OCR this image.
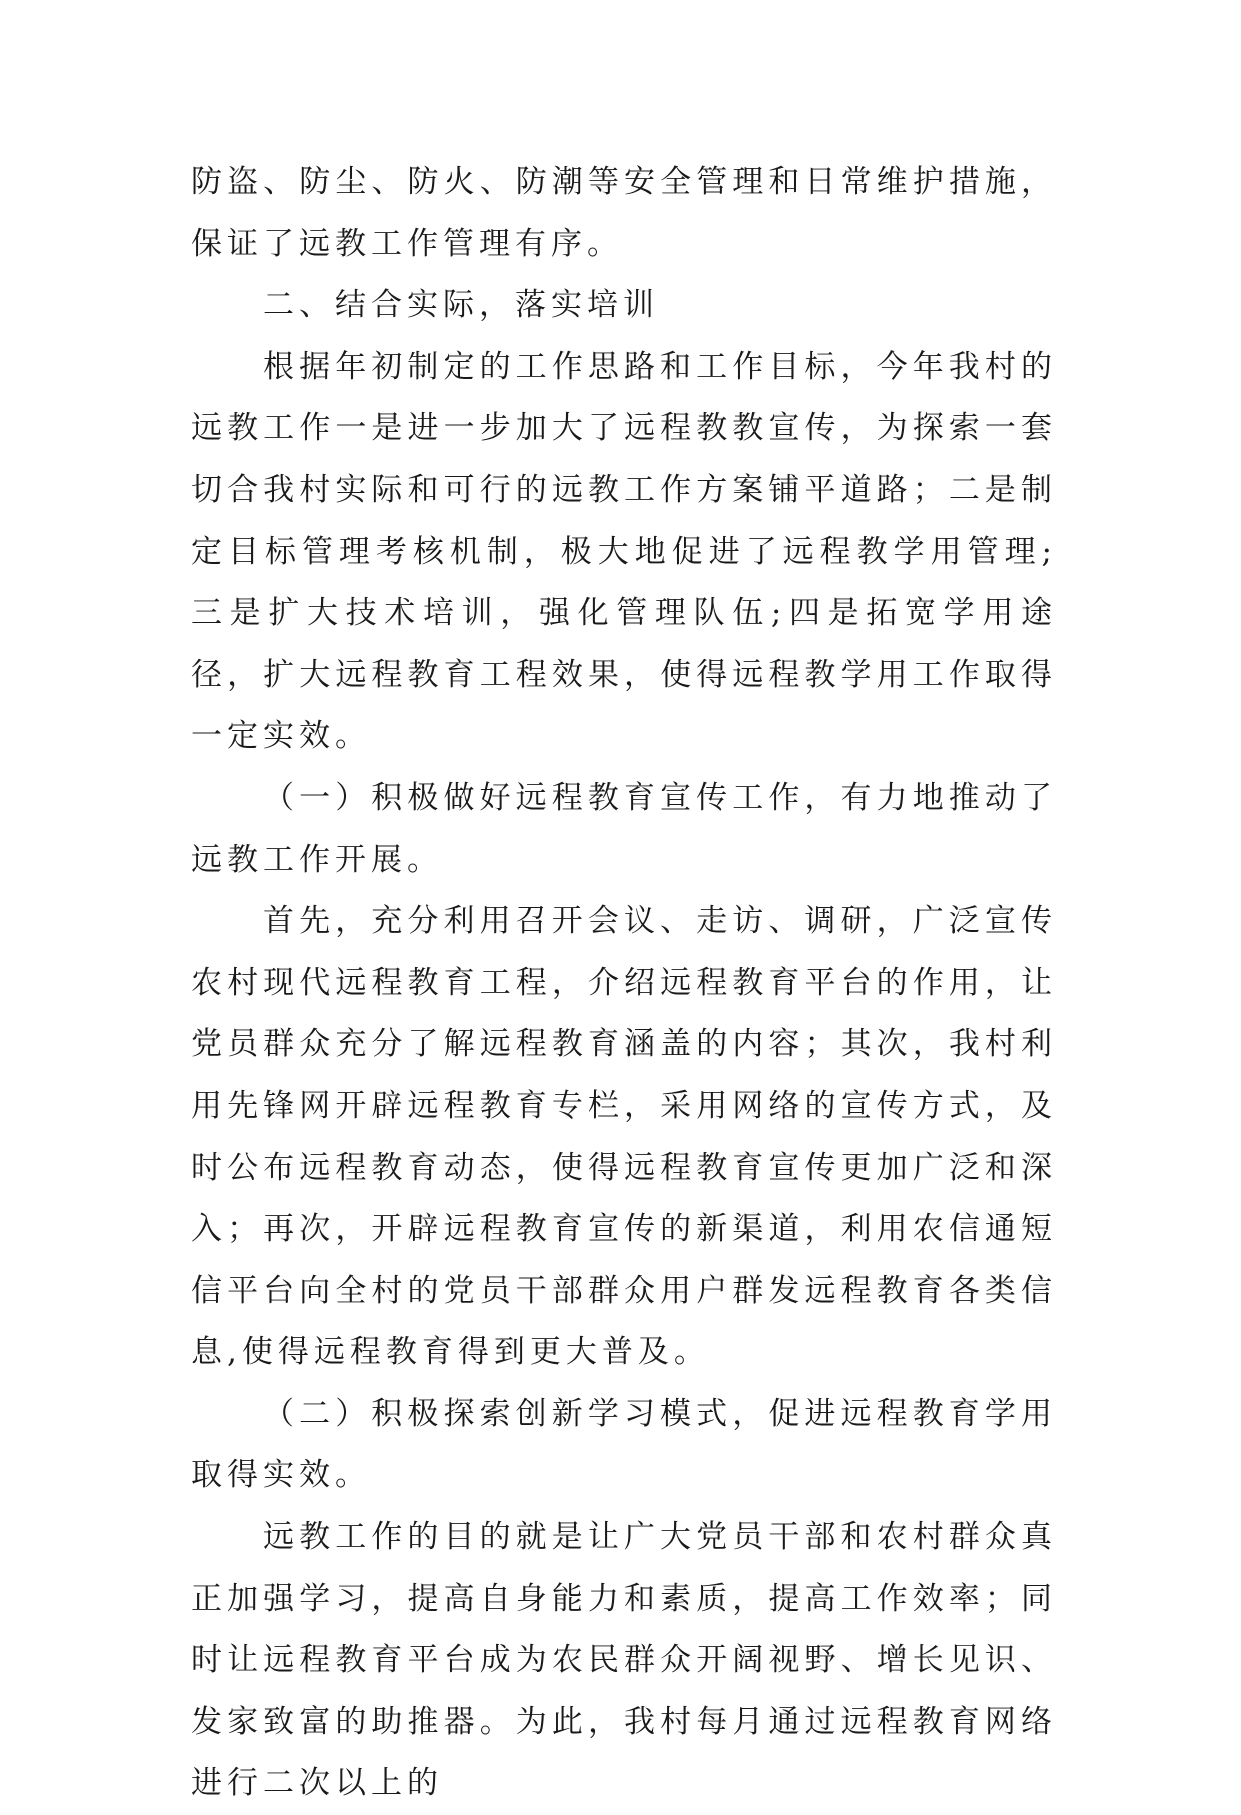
防盗、防尘、防火、防潮等安全管理和日常维护措施，保证了远教工作管理有序。

二、结合实际，落实培训

根据年初制定的工作思路和工作目标，今年我村的远教工作一是进一步加大了远程教教宣传，为探索一套切合我村实际和可行的远教工作方案铺平道路；二是制定目标管理考核机制，极大地促进了远程教学用管理;三是扩大技术培训，强化管理队伍;四是拓宽学用途径，扩大远程教育工程效果，使得远程教学用工作取得一定实效。

（一）积极做好远程教育宣传工作，有力地推动了远教工作开展。

首先，充分利用召开会议、走访、调研，广泛宣传农村现代远程教育工程，介绍远程教育平台的作用，让党员群众充分了解远程教育涵盖的内容；其次，我村利用先锋网开辟远程教育专栏，采用网络的宣传方式，及时公布远程教育动态，使得远程教育宣传更加广泛和深入；再次，开辟远程教育宣传的新渠道，利用农信通短信平台向全村的党员干部群众用户群发远程教育各类信息,使得远程教育得到更大普及。

（二）积极探索创新学习模式，促进远程教育学用取得实效。

远教工作的目的就是让广大党员干部和农村群众真正加强学习，提高自身能力和素质，提高工作效率；同时让远程教育平台成为农民群众开阔视野、增长见识、发家致富的助推器。为此，我村每月通过远程教育网络进行二次以上的
